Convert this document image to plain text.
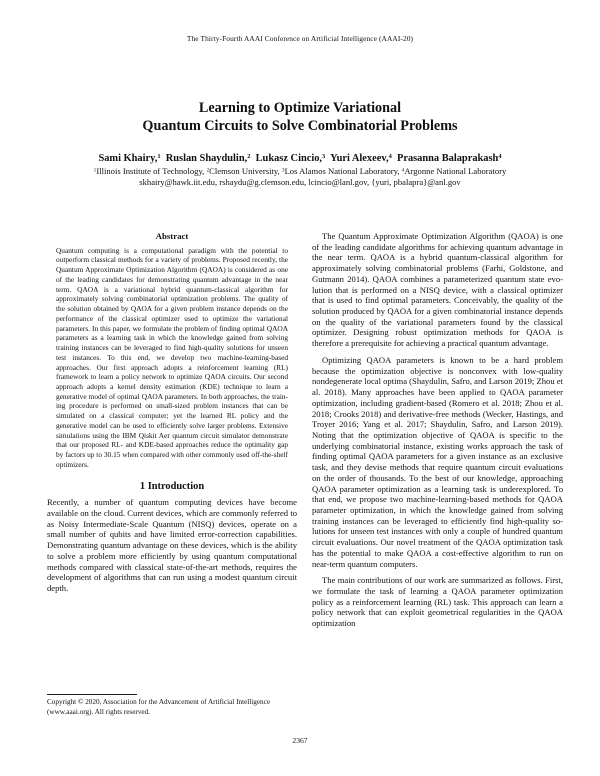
The Thirty-Fourth AAAI Conference on Artificial Intelligence (AAAI-20)
Learning to Optimize Variational
Quantum Circuits to Solve Combinatorial Problems
Sami Khairy,$^1$ Ruslan Shaydulin,$^2$ Lukasz Cincio,$^3$ Yuri Alexeev,$^4$ Prasanna Balaprakash$^4$
$^1$Illinois Institute of Technology, $^2$Clemson University, $^3$Los Alamos National Laboratory, $^4$Argonne National Laboratory
skhairy@hawk.iit.edu, rshaydu@g.clemson.edu, lcincio@lanl.gov, {yuri, pbalapra}@anl.gov
Abstract

Quantum computing is a computational paradigm with the potential to outperform classical methods for a variety of problems. Proposed recently, the Quantum Approximate Optimization Algorithm (QAOA) is considered as one of the leading candidates for demonstrating quantum advantage in the near term. QAOA is a variational hybrid quantum-classical algorithm for approximately solving combinatorial optimization problems. The quality of the solution obtained by QAOA for a given problem instance depends on the performance of the classical optimizer used to optimize the variational parameters. In this paper, we formulate the problem of finding optimal QAOA parameters as a learning task in which the knowledge gained from solving training instances can be leveraged to find high-quality solutions for unseen test instances. To this end, we develop two machine-learning-based approaches. Our first approach adopts a reinforcement learning (RL) framework to learn a policy network to optimize QAOA circuits. Our second approach adopts a kernel density estimation (KDE) technique to learn a generative model of optimal QAOA parameters. In both approaches, the training procedure is performed on small-sized problem instances that can be simulated on a classical computer; yet the learned RL policy and the generative model can be used to efficiently solve larger problems. Extensive simulations using the IBM Qiskit Aer quantum circuit simulator demonstrate that our proposed RL- and KDE-based approaches reduce the optimality gap by factors up to 30.15 when compared with other commonly used off-the-shelf optimizers.

1 Introduction

Recently, a number of quantum computing devices have become available on the cloud. Current devices, which are commonly referred to as Noisy Intermediate-Scale Quantum (NISQ) devices, operate on a small number of qubits and have limited error-correction capabilities. Demonstrating quantum advantage on these devices, which is the ability to solve a problem more efficiently by using quantum computational methods compared with classical state-of-the-art methods, requires the development of algorithms that can run using a modest quantum circuit depth.

Copyright © 2020, Association for the Advancement of Artificial Intelligence (www.aaai.org). All rights reserved.

The Quantum Approximate Optimization Algorithm (QAOA) is one of the leading candidate algorithms for achieving quantum advantage in the near term. QAOA is a hybrid quantum-classical algorithm for approximately solving combinatorial problems (Farhi, Goldstone, and Gutmann 2014). QAOA combines a parameterized quantum state evolution that is performed on a NISQ device, with a classical optimizer that is used to find optimal parameters. Conceivably, the quality of the solution produced by QAOA for a given combinatorial instance depends on the quality of the variational parameters found by the classical optimizer. Designing robust optimization methods for QAOA is therefore a prerequisite for achieving a practical quantum advantage.

Optimizing QAOA parameters is known to be a hard problem because the optimization objective is nonconvex with low-quality nondegenerate local optima (Shaydulin, Safro, and Larson 2019; Zhou et al. 2018). Many approaches have been applied to QAOA parameter optimization, including gradient-based (Romero et al. 2018; Zhou et al. 2018; Crooks 2018) and derivative-free methods (Wecker, Hastings, and Troyer 2016; Yang et al. 2017; Shaydulin, Safro, and Larson 2019). Noting that the optimization objective of QAOA is specific to the underlying combinatorial instance, existing works approach the task of finding optimal QAOA parameters for a given instance as an exclusive task, and they devise methods that require quantum circuit evaluations on the order of thousands. To the best of our knowledge, approaching QAOA parameter optimization as a learning task is underexplored. To that end, we propose two machine-learning-based methods for QAOA parameter optimization, in which the knowledge gained from solving training instances can be leveraged to efficiently find high-quality solutions for unseen test instances with only a couple of hundred quantum circuit evaluations. Our novel treatment of the QAOA optimization task has the potential to make QAOA a cost-effective algorithm to run on near-term quantum computers.

The main contributions of our work are summarized as follows. First, we formulate the task of learning a QAOA parameter optimization policy as a reinforcement learning (RL) task. This approach can learn a policy network that can exploit geometrical regularities in the QAOA optimization

2367
